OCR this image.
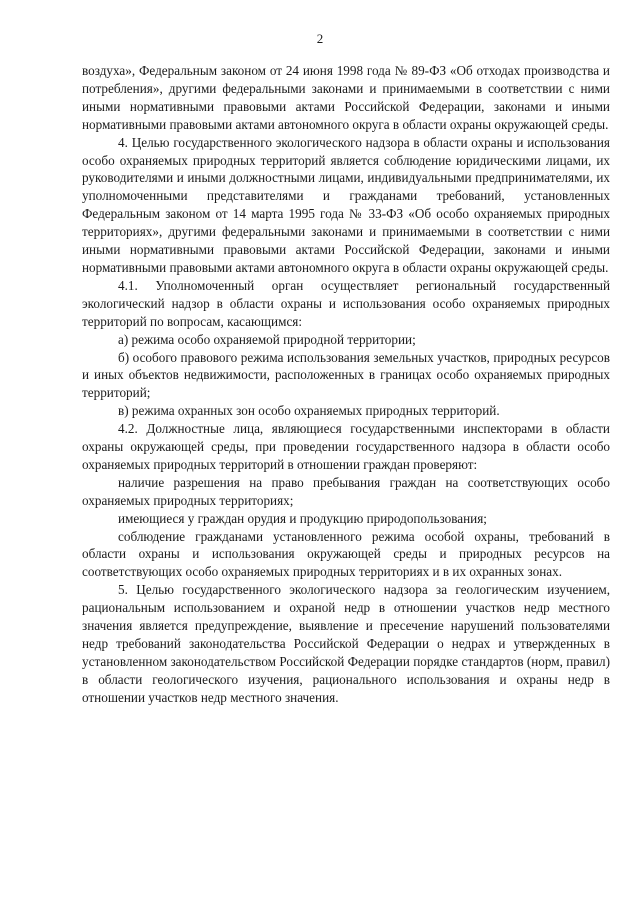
2

воздуха», Федеральным законом от 24 июня 1998 года № 89-ФЗ «Об отходах производства и потребления», другими федеральными законами и принимаемыми в соответствии с ними иными нормативными правовыми актами Российской Федерации, законами и иными нормативными правовыми актами автономного округа в области охраны окружающей среды.

4. Целью государственного экологического надзора в области охраны и использования особо охраняемых природных территорий является соблюдение юридическими лицами, их руководителями и иными должностными лицами, индивидуальными предпринимателями, их уполномоченными представителями и гражданами требований, установленных Федеральным законом от 14 марта 1995 года № 33-ФЗ «Об особо охраняемых природных территориях», другими федеральными законами и принимаемыми в соответствии с ними иными нормативными правовыми актами Российской Федерации, законами и иными нормативными правовыми актами автономного округа в области охраны окружающей среды.

4.1. Уполномоченный орган осуществляет региональный государственный экологический надзор в области охраны и использования особо охраняемых природных территорий по вопросам, касающимся:

а) режима особо охраняемой природной территории;

б) особого правового режима использования земельных участков, природных ресурсов и иных объектов недвижимости, расположенных в границах особо охраняемых природных территорий;

в) режима охранных зон особо охраняемых природных территорий.

4.2. Должностные лица, являющиеся государственными инспекторами в области охраны окружающей среды, при проведении государственного надзора в области особо охраняемых природных территорий в отношении граждан проверяют:

наличие разрешения на право пребывания граждан на соответствующих особо охраняемых природных территориях;

имеющиеся у граждан орудия и продукцию природопользования;

соблюдение гражданами установленного режима особой охраны, требований в области охраны и использования окружающей среды и природных ресурсов на соответствующих особо охраняемых природных территориях и в их охранных зонах.

5. Целью государственного экологического надзора за геологическим изучением, рациональным использованием и охраной недр в отношении участков недр местного значения является предупреждение, выявление и пресечение нарушений пользователями недр требований законодательства Российской Федерации о недрах и утвержденных в установленном законодательством Российской Федерации порядке стандартов (норм, правил) в области геологического изучения, рационального использования и охраны недр в отношении участков недр местного значения.
